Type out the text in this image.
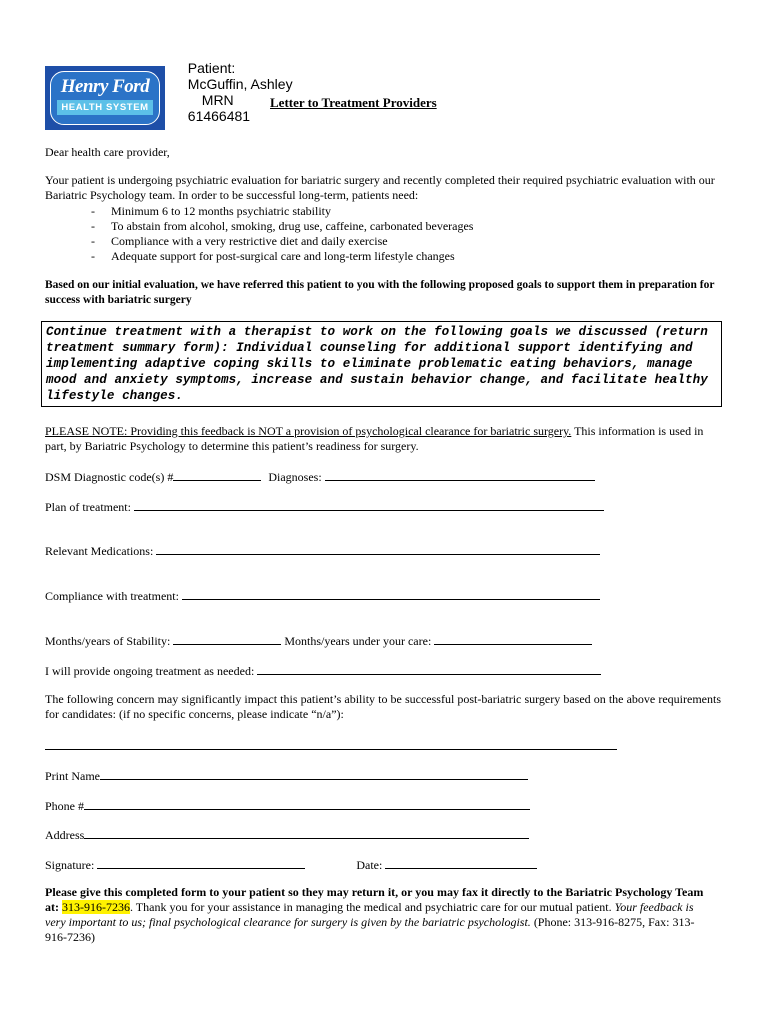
Patient:
McGuffin, Ashley
MRN
61466481

Henry Ford
HEALTH SYSTEM	Letter to Treatment Providers
Dear health care provider,
Your patient is undergoing psychiatric evaluation for bariatric surgery and recently completed their required psychiatric evaluation with our Bariatric Psychology team. In order to be successful long-term, patients need:
- Minimum 6 to 12 months psychiatric stability
- To abstain from alcohol, smoking, drug use, caffeine, carbonated beverages
- Compliance with a very restrictive diet and daily exercise
- Adequate support for post-surgical care and long-term lifestyle changes
Based on our initial evaluation, we have referred this patient to you with the following proposed goals to support them in preparation for success with bariatric surgery
Continue treatment with a therapist to work on the following goals we discussed (return treatment summary form): Individual counseling for additional support identifying and implementing adaptive coping skills to eliminate problematic eating behaviors, manage mood and anxiety symptoms, increase and sustain behavior change, and facilitate healthy lifestyle changes.
PLEASE NOTE: Providing this feedback is NOT a provision of psychological clearance for bariatric surgery. This information is used in part, by Bariatric Psychology to determine this patient’s readiness for surgery.
DSM Diagnostic code(s) #	Diagnoses:
Plan of treatment:
Relevant Medications:
Compliance with treatment:
Months/years of Stability:	Months/years under your care:
I will provide ongoing treatment as needed:
The following concern may significantly impact this patient’s ability to be successful post-bariatric surgery based on the above requirements for candidates: (if no specific concerns, please indicate “n/a”):
Print Name
Phone #
Address
Signature:	Date:
Please give this completed form to your patient so they may return it, or you may fax it directly to the Bariatric Psychology Team at: 313-916-7236. Thank you for your assistance in managing the medical and psychiatric care for our mutual patient. Your feedback is very important to us; final psychological clearance for surgery is given by the bariatric psychologist. (Phone: 313-916-8275, Fax: 313-916-7236)
